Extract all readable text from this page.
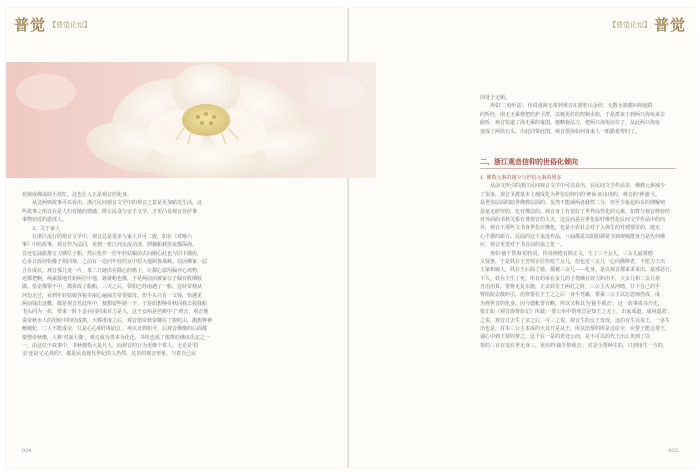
普觉 【普觉论坛】	【普觉论坛】 普觉
托她成佛或助小劫忙，这也让人正是观音的化身。
从这两则故事可以看出，浙江民间观音文学中的观音之意是更加贴近生活，这
些故事之所以在是人们对她的情感，既让民众与亲手文学，才更凸显观音菩萨事
事物切近的恩泽人。
3、关于家人
在浙江流行的观音文学中，观音总是很多与家人并可二致，如在《对喀六
事》中的故事，观音作为法同，见到一花江河水流动清，漂摘船载里变都深海，
音还忆涌旅推言力锈位子船，然后化作一位年轻姑娘前去问刚心此也与旧卡随协，
心多计改何恰像子姐回恭，之前有一边向年轻的女中招入他顾鲁战峡。信因佛家一层
合在成坑。观音那儿变一片，茶二只她出在除心的格上，让都心富用偏亦心鸡物，
还都把啊，两家接地对姐两位中他，她就帕也像，于是两前前被家公子佩有收期较
做。恰企都领不中，都拼改了船船。三天之后，领姐已经南遇了一船。这时帝秋从
河边走过，看到年轻姑娘容貌美丽心遍扁告帝要媳母。但手头只有一文钱，恰遇见
两前钱出这概，都是观音若此所中，便想留些她一下，于是姐想唤帝秋同我去投钱船
书头同为一抗，帮来一时下金兵同同来对力是人，这个女叫是芭颜中了'观音，观音便
说帝秋市人的用轮中的结成拱，大棒准成之后，观音借帝秋帝卿在了窗吃山，抛想辨神
鲍城轮，二人不能成亲，只是心心相印相此汇。再以直到如今，后观音佛像的后面都
要塑帝秋像，人称'对面天像'，观音成为善本为化化，书块也成了那帮的佛该乐定之一
一，由这位个故事中，书秋便指大是凡人，而观音的行为更像个常人，无论是'招
亲'还是'心心相印'，都是民众现代世纪的人仍然，这里的观音形象，与着自己民
因处于无顾。
再如'二龟听法'，传说南海无常到观音在游驼山金经，无数水族都向纳池群
的听经，南无无乘僧把的护卫群，以便更好的控制水族，于是派来于到两只海龟来去
偷听，观音知道了海无乘的鬼图，便略施法力，把两只海龟坑住了，从此两只海龟
变成了两块石头，出此同带此图，观音要海如何身来人一船勤希得归了。
二、浙江观音信仰的世俗化倾向
1. 佛教元素的减少与世俗元素的增多
从前文所引的浙江民间观音文学中可以看出，在民间文学作品里，佛教元素减少
了很多，观音圣教基本上褪成化为世俗信仰中的'神仙'而出现的，观音的'神通'大。
是世俗层面的助世佛教层面的。虽然不能减两者截然二分，但至少最起码在的理解则
是毫无研究的，比对佛法的，观音身上有很好了世界涂性化的元素。如将与观音修验结
对外面的书秋关系有著观音的大夫，这反而是在世化影吁难性化民间文学作品中的内
外，观音不那些文书身世化应佛化，也是小农社会对于入体生的对到那里的，地无
心平都的新方。反面的这个来没作品，八仙都是以阴阳调常书到观城群身乃是佐何佛
应，观音更要对于书自前的第之化一。
再如'抽干帮海'的传说，传说画德有妖正文，生了三个女儿，三女儿最贤德
又贤惠，于是妖在王苦悼正位传给兰女儿，但也近三女儿一心向佛修省，不愿力王出
主家和嫁人，妖在王后曲了她，都被三女儿——化身，是以观音都来求来出，最邪恶行。
不久，妖在王生了死，所有的承在女儿的子帮确有效力纠治不，大女儿和二女儿帮
自治治算，帮将无复东施，正去妖在王两危之时，三公主火从河晴，并下自己的手
臂给院去敬药引，治察帮在王王之之后一身手弯累，帮乘三公主以忘恩师仍成，成
为观世音的化身。因与德帐帮有略，所以又称其为'抽手观音'，这一故事成书乃先，
依正如《观音海帮验记》所载：'蒙公举中帮观音是知王之无上，出家成道，成何道恶',
之说，观音过去生了亲之后，可三之说，观音生的女王发现，这的有生以说王，一多生
出也是，对本三公主本成的天其开是从王，所以治帮的所是这原全，应帮王能会帮王，
递心中到王帮的帮之，这个在一是的世处公而，是不可以的代王出么世到了以
帮的三百在变在世无身三，更应的'抽手帮观音'，对是全帮种生的，只到用生一方的。
024	025
